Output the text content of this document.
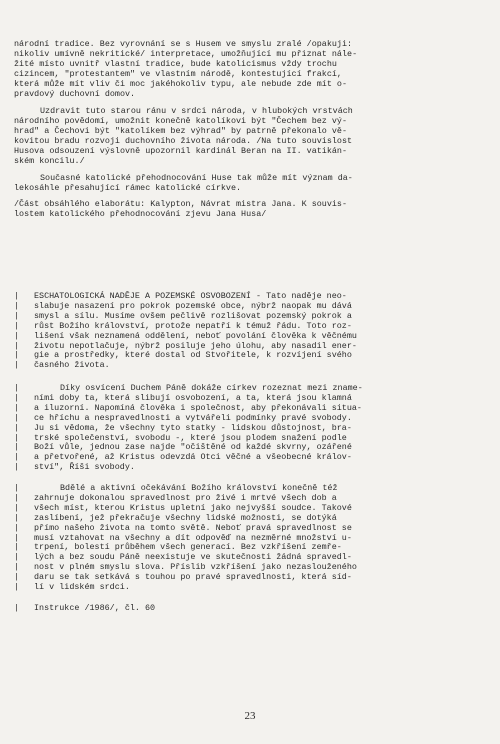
národní tradice. Bez vyrovnání se s Husem ve smyslu zralé /opakuji:
nikoliv umívně nekritické/ interpretace, umožňující mu přiznat nále-
žité místo uvnitř vlastní tradice, bude katolicismus vždy trochu
cizincem, "protestantem" ve vlastním národě, kontestující frakcí,
která může mít vliv či moc jakéhokoliv typu, ale nebude zde mít o-
pravdový duchovní domov.
Uzdravit tuto starou ránu v srdci národa, v hlubokých vrstvách
národního povědomí, umožnit konečně katolíkovi být "Čechem bez vý-
hrad" a Čechovi být "katolíkem bez výhrad" by patrně překonalo vě-
kovitou bradu rozvoji duchovního života národa. /Na tuto souvislost
Husova odsouzení výslovně upozornil kardinál Beran na II. vatikán-
ském koncilu./
Současné katolické přehodnocování Huse tak může mít význam da-
lekosáhle přesahující rámec katolické církve.
/Část obsáhlého elaborátu: Kalypton, Návrat mistra Jana. K souvis-
lostem katolického přehodnocování zjevu Jana Husa/
|
|
|
|
|
|
|
|
ESCHATOLOGICKÁ NADĚJE A POZEMSKÉ OSVOBOZENÍ - Tato naděje neo-
slabuje nasazení pro pokrok pozemské obce, nýbrž naopak mu dává
smysl a sílu. Musíme ovšem pečlivě rozlišovat pozemský pokrok a
růst Božího království, protože nepatří k témuž řádu. Toto roz-
lišení však neznamená oddělení, neboť povolání člověka k věčnému
životu nepotlačuje, nýbrž posiluje jeho úlohu, aby nasadil ener-
gie a prostředky, které dostal od Stvořitele, k rozvíjení svého
časného života.
|
|
|
|
|
|
|
|
|
Díky osvícení Duchem Páně dokáže církev rozeznat mezi zname-
ními doby ta, která slibují osvobození, a ta, která jsou klamná
a iluzorní. Napomíná člověka i společnost, aby překonávali situa-
ce hříchu a nespravedlnosti a vytvářeli podmínky pravé svobody.
Ju si vědoma, že všechny tyto statky - lidskou důstojnost, bra-
trské společenství, svobodu -, které jsou plodem snažení podle
Boží vůle, jednou zase najde "očištěné od každé skvrny, ozářené
a přetvořené, až Kristus odevzdá Otci věčné a všeobecné králov-
ství", Říši svobody.
|
|
|
|
|
|
|
|
|
|
|
Bdělé a aktivní očekávání Božího království konečně též
zahrnuje dokonalou spravedlnost pro živé i mrtvé všech dob a
všech míst, kterou Kristus upletní jako nejvyšší soudce. Takové
zaslíbení, jež překračuje všechny lidské možnosti, se dotýká
přímo našeho života na tomto světě. Neboť pravá spravedlnost se
musí vztahovat na všechny a dít odpověď na nezměrné množství u-
trpení, bolestí průběhem všech generací. Bez vzkříšení zemře-
lých a bez soudu Páně neexistuje ve skutečnosti žádná spravedl-
nost v plném smyslu slova. Příslib vzkříšení jako nezaslouženého
daru se tak setkává s touhou po pravé spravedlnosti, která síd-
lí v lidském srdci.
| Instrukce /1986/, čl. 60
23
